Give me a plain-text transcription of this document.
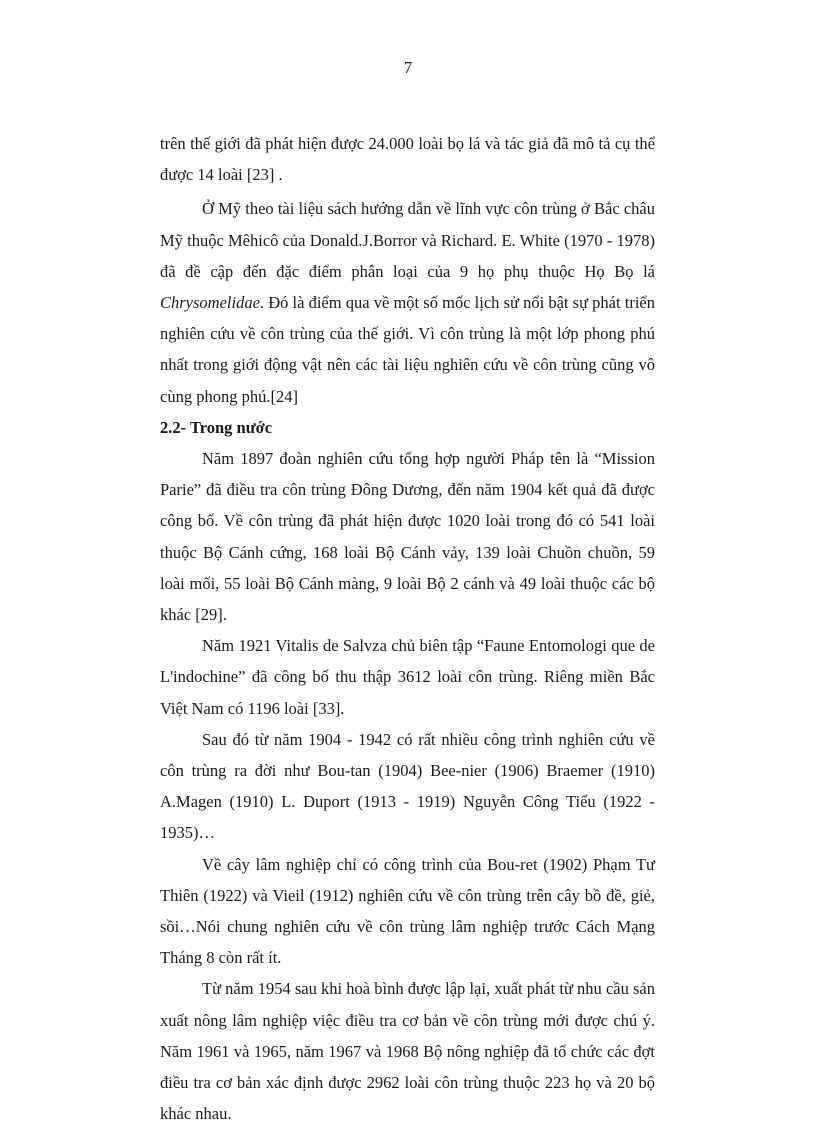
7

trên thế giới đã phát hiện được 24.000 loài bọ lá và tác giả đã mô tả cụ thể được 14 loài [23] .

Ở Mỹ theo tài liệu sách hướng dẫn về lĩnh vực côn trùng ở Bắc châu Mỹ thuộc Mêhicô của Donald.J.Borror và Richard. E. White (1970 - 1978) đã đề cập đến đặc điểm phân loại của 9 họ phụ thuộc Họ Bọ lá Chrysomelidae. Đó là điểm qua về một số mốc lịch sử nổi bật sự phát triển nghiên cứu về côn trùng của thế giới. Vì côn trùng là một lớp phong phú nhất trong giới động vật nên các tài liệu nghiên cứu về côn trùng cũng vô cùng phong phú.[24]

2.2- Trong nước

Năm 1897 đoàn nghiên cứu tổng hợp người Pháp tên là “Mission Parie” đã điều tra côn trùng Đông Dương, đến năm 1904 kết quả đã được công bố. Về côn trùng đã phát hiện được 1020 loài trong đó có 541 loài thuộc Bộ Cánh cứng, 168 loài Bộ Cánh vảy, 139 loài Chuồn chuồn, 59 loài mối, 55 loài Bộ Cánh màng, 9 loài Bộ 2 cánh và 49 loài thuộc các bộ khác [29].

Năm 1921 Vitalis de Salvza chủ biên tập “Faune Entomologi que de L'indochine” đã công bố thu thập 3612 loài côn trùng. Riêng miền Bắc Việt Nam có 1196 loài [33].

Sau đó từ năm 1904 - 1942 có rất nhiều công trình nghiên cứu về côn trùng ra đời như Bou-tan (1904) Bee-nier (1906) Braemer (1910) A.Magen (1910) L. Duport (1913 - 1919) Nguyễn Công Tiểu (1922 - 1935)…

Về cây lâm nghiệp chỉ có công trình của Bou-ret (1902) Phạm Tư Thiên (1922) và Vieil (1912) nghiên cứu về côn trùng trên cây bồ đề, giẻ, sồi…Nói chung nghiên cứu về côn trùng lâm nghiệp trước Cách Mạng Tháng 8 còn rất ít.

Từ năm 1954 sau khi hoà bình được lập lại, xuất phát từ nhu cầu sản xuất nông lâm nghiệp việc điều tra cơ bản về côn trùng mới được chú ý. Năm 1961 và 1965, năm 1967 và 1968 Bộ nông nghiệp đã tổ chức các đợt điều tra cơ bản xác định được 2962 loài côn trùng thuộc 223 họ và 20 bộ khác nhau.
